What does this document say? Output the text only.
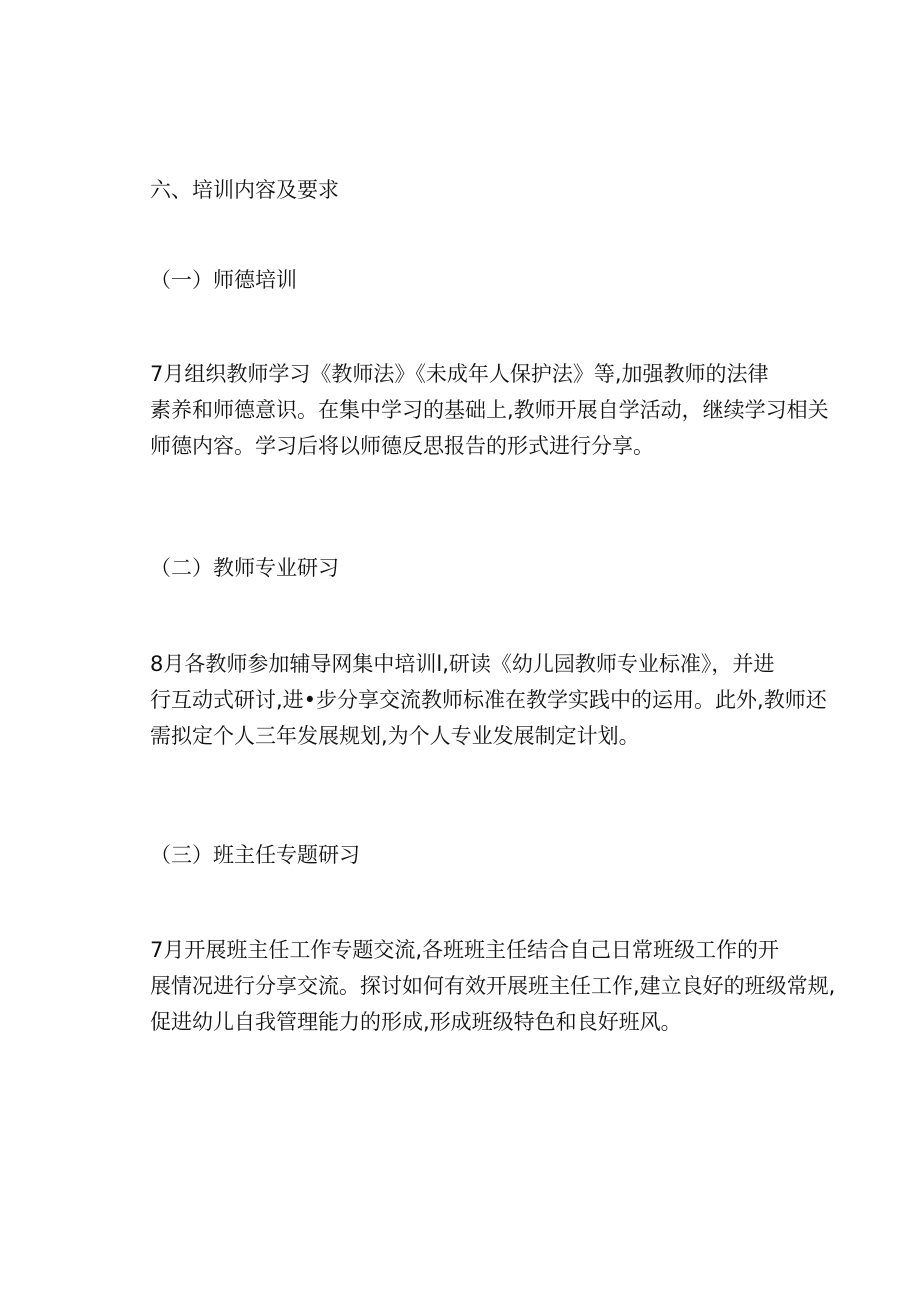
六、培训内容及要求
（一）师德培训
7月组织教师学习《教师法》《未成年人保护法》等,加强教师的法律
素养和师德意识。在集中学习的基础上,教师开展自学活动，继续学习相关
师德内容。学习后将以师德反思报告的形式进行分享。
（二）教师专业研习
8月各教师参加辅导网集中培训l,研读《幼儿园教师专业标准》，并进
行互动式研讨,进•步分享交流教师标准在教学实践中的运用。此外,教师还
需拟定个人三年发展规划,为个人专业发展制定计划。
（三）班主任专题研习
7月开展班主任工作专题交流,各班班主任结合自己日常班级工作的开
展情况进行分享交流。探讨如何有效开展班主任工作,建立良好的班级常规,
促进幼儿自我管理能力的形成,形成班级特色和良好班风。
